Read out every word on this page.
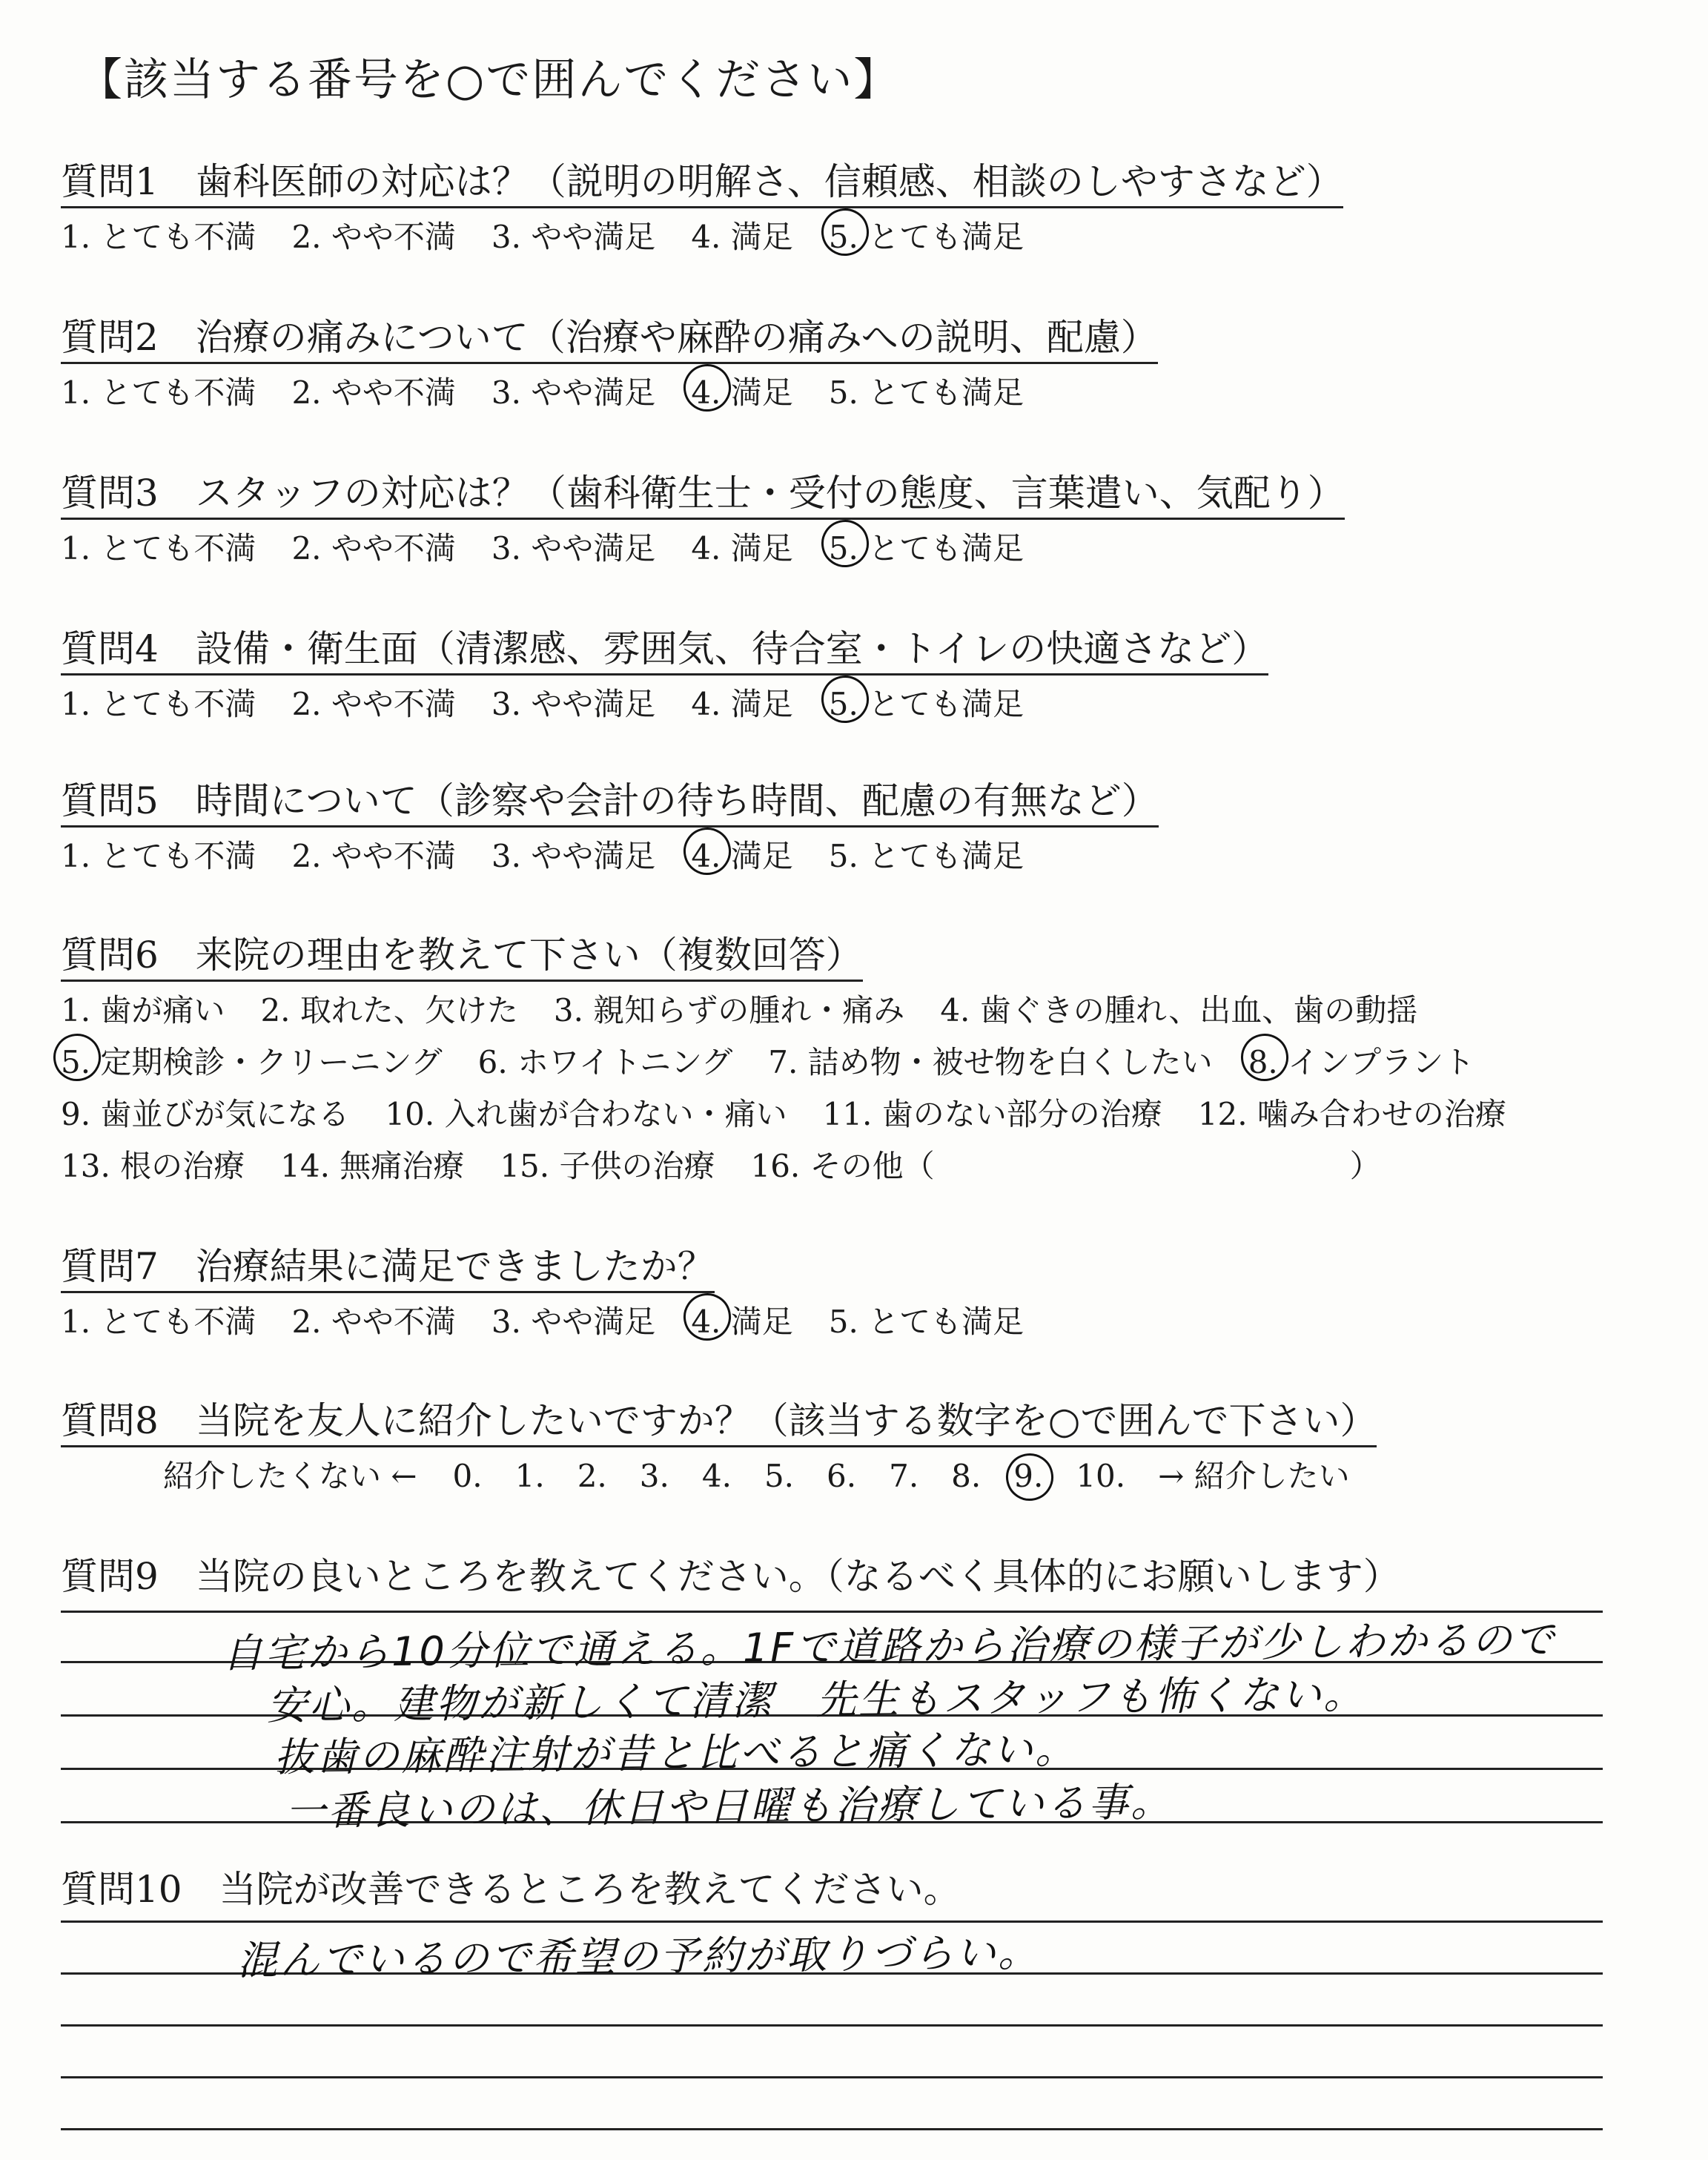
【該当する番号を○で囲んでください】
質問1　歯科医師の対応は？（説明の明解さ、信頼感、相談のしやすさなど）
1. とても不満 2. やや不満 3. やや満足 4. 満足 5. とても満足
質問2　治療の痛みについて（治療や麻酔の痛みへの説明、配慮）
1. とても不満 2. やや不満 3. やや満足 4. 満足 5. とても満足
質問3　スタッフの対応は？（歯科衛生士・受付の態度、言葉遣い、気配り）
1. とても不満 2. やや不満 3. やや満足 4. 満足 5. とても満足
質問4　設備・衛生面（清潔感、雰囲気、待合室・トイレの快適さなど）
1. とても不満 2. やや不満 3. やや満足 4. 満足 5. とても満足
質問5　時間について（診察や会計の待ち時間、配慮の有無など）
1. とても不満 2. やや不満 3. やや満足 4. 満足 5. とても満足
質問6　来院の理由を教えて下さい（複数回答）
1. 歯が痛い 2. 取れた、欠けた 3. 親知らずの腫れ・痛み 4. 歯ぐきの腫れ、出血、歯の動揺
5. 定期検診・クリーニング 6. ホワイトニング 7. 詰め物・被せ物を白くしたい 8. インプラント
9. 歯並びが気になる 10. 入れ歯が合わない・痛い 11. 歯のない部分の治療 12. 噛み合わせの治療
13. 根の治療 14. 無痛治療 15. 子供の治療 16. その他（	）
質問7　治療結果に満足できましたか？
1. とても不満 2. やや不満 3. やや満足 4. 満足 5. とても満足
質問8　当院を友人に紹介したいですか？（該当する数字を○で囲んで下さい）
紹介したくない ← 0. 1. 2. 3. 4. 5. 6. 7. 8. 9. 10. → 紹介したい
質問9　当院の良いところを教えてください。（なるべく具体的にお願いします）
自宅から10分位で通える。1Fで道路から治療の様子が少しわかるので
安心。建物が新しくて清潔　先生もスタッフも怖くない。
抜歯の麻酔注射が昔と比べると痛くない。
一番良いのは、休日や日曜も治療している事。
質問10　当院が改善できるところを教えてください。
混んでいるので希望の予約が取りづらい。
